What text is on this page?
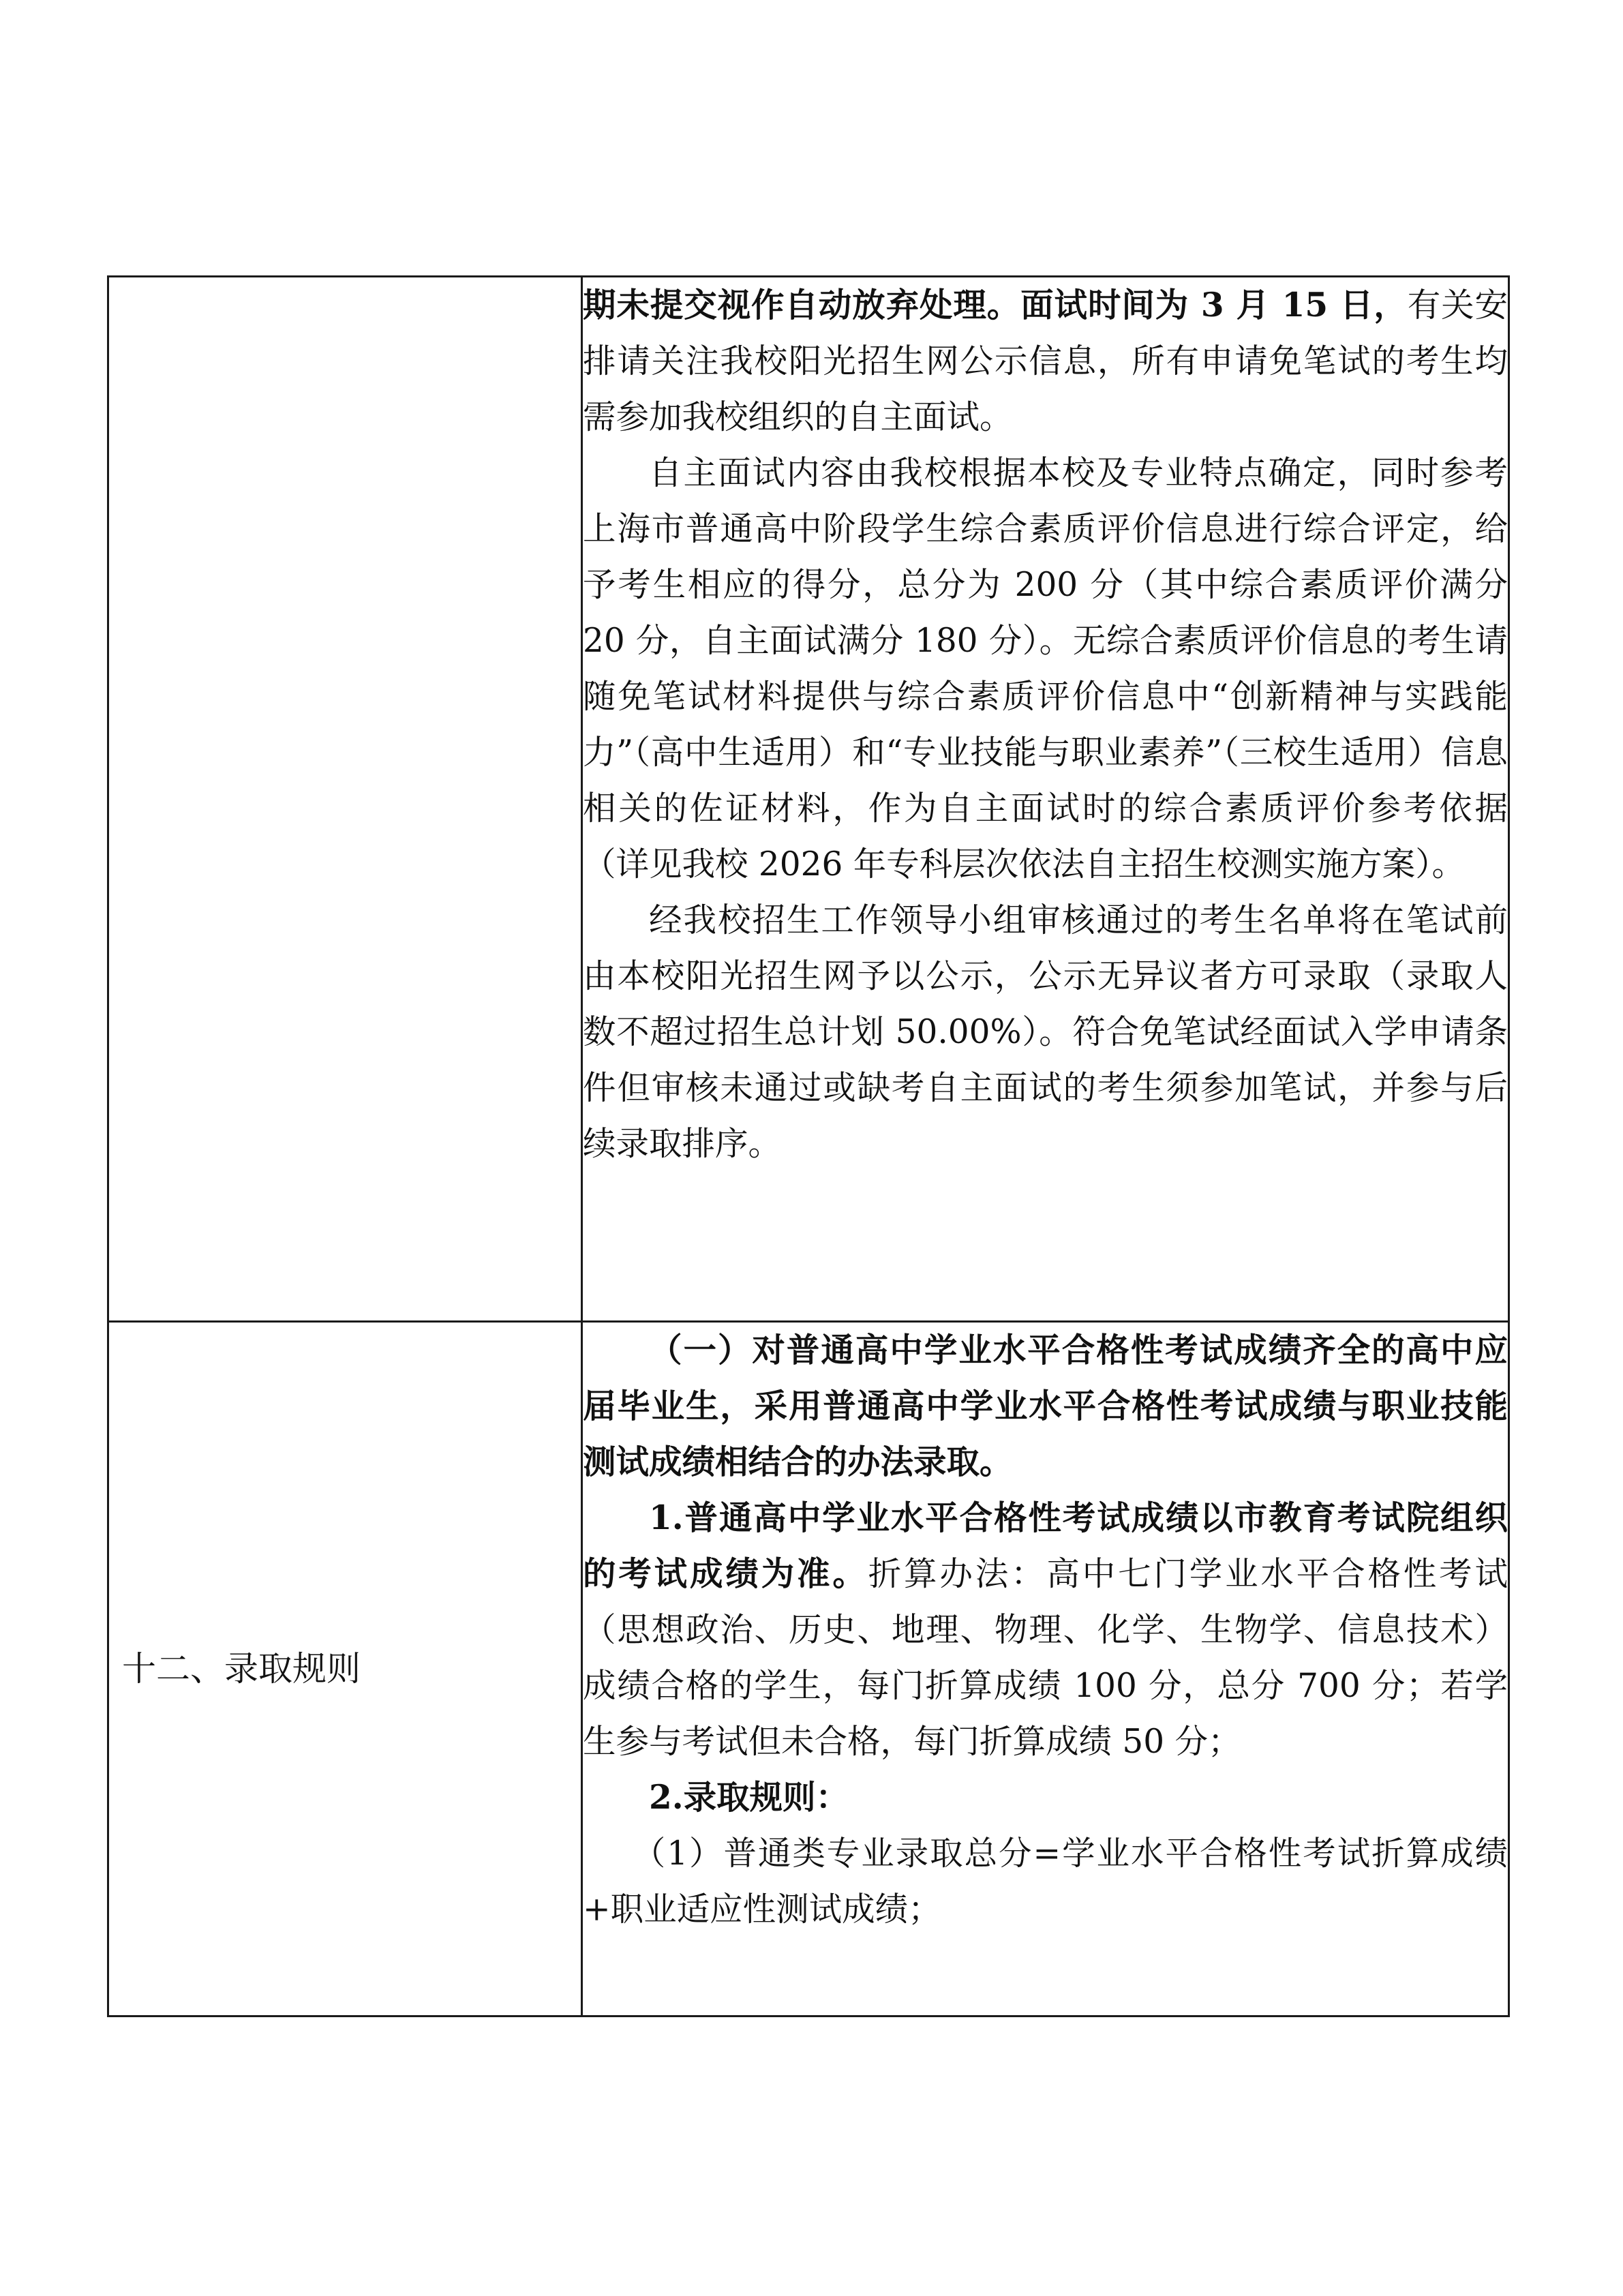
	期未提交视作自动放弃处理。面试时间为 3 月 15 日，有关安排请关注我校阳光招生网公示信息，所有申请免笔试的考生均需参加我校组织的自主面试。

自主面试内容由我校根据本校及专业特点确定，同时参考上海市普通高中阶段学生综合素质评价信息进行综合评定，给予考生相应的得分，总分为 200 分（其中综合素质评价满分 20 分，自主面试满分 180 分）。无综合素质评价信息的考生请随免笔试材料提供与综合素质评价信息中“创新精神与实践能力”（高中生适用）和“专业技能与职业素养”（三校生适用）信息相关的佐证材料，作为自主面试时的综合素质评价参考依据（详见我校 2026 年专科层次依法自主招生校测实施方案）。

经我校招生工作领导小组审核通过的考生名单将在笔试前由本校阳光招生网予以公示，公示无异议者方可录取（录取人数不超过招生总计划 50.00%）。符合免笔试经面试入学申请条件但审核未通过或缺考自主面试的考生须参加笔试，并参与后续录取排序。

十二、录取规则	（一）对普通高中学业水平合格性考试成绩齐全的高中应届毕业生，采用普通高中学业水平合格性考试成绩与职业技能测试成绩相结合的办法录取。

1.普通高中学业水平合格性考试成绩以市教育考试院组织的考试成绩为准。折算办法：高中七门学业水平合格性考试（思想政治、历史、地理、物理、化学、生物学、信息技术）成绩合格的学生，每门折算成绩 100 分，总分 700 分；若学生参与考试但未合格，每门折算成绩 50 分；

2.录取规则：

（1）普通类专业录取总分=学业水平合格性考试折算成绩+职业适应性测试成绩；
